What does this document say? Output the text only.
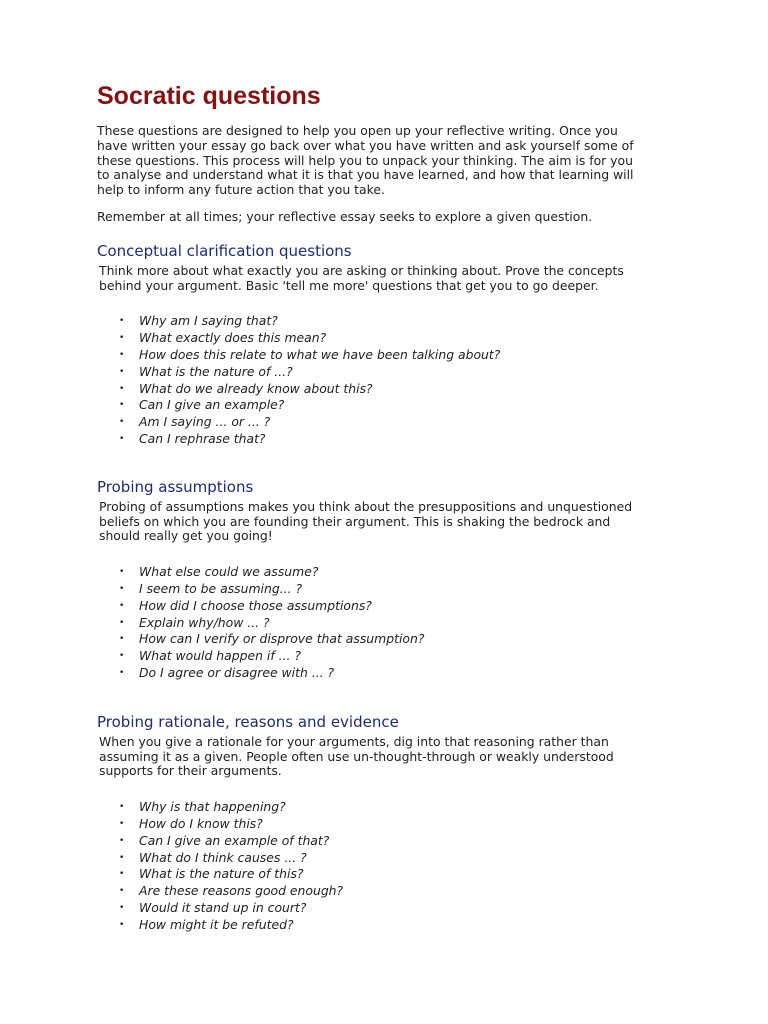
Socratic questions

These questions are designed to help you open up your reflective writing. Once you
have written your essay go back over what you have written and ask yourself some of
these questions. This process will help you to unpack your thinking. The aim is for you
to analyse and understand what it is that you have learned, and how that learning will
help to inform any future action that you take.

Remember at all times; your reflective essay seeks to explore a given question.

Conceptual clarification questions

Think more about what exactly you are asking or thinking about. Prove the concepts
behind your argument. Basic 'tell me more' questions that get you to go deeper.

• Why am I saying that?
• What exactly does this mean?
• How does this relate to what we have been talking about?
• What is the nature of ...?
• What do we already know about this?
• Can I give an example?
• Am I saying ... or ... ?
• Can I rephrase that?
Probing assumptions

Probing of assumptions makes you think about the presuppositions and unquestioned
beliefs on which you are founding their argument. This is shaking the bedrock and
should really get you going!

• What else could we assume?
• I seem to be assuming... ?
• How did I choose those assumptions?
• Explain why/how ... ?
• How can I verify or disprove that assumption?
• What would happen if ... ?
• Do I agree or disagree with ... ?
Probing rationale, reasons and evidence

When you give a rationale for your arguments, dig into that reasoning rather than
assuming it as a given. People often use un-thought-through or weakly understood
supports for their arguments.

• Why is that happening?
• How do I know this?
• Can I give an example of that?
• What do I think causes ... ?
• What is the nature of this?
• Are these reasons good enough?
• Would it stand up in court?
• How might it be refuted?
